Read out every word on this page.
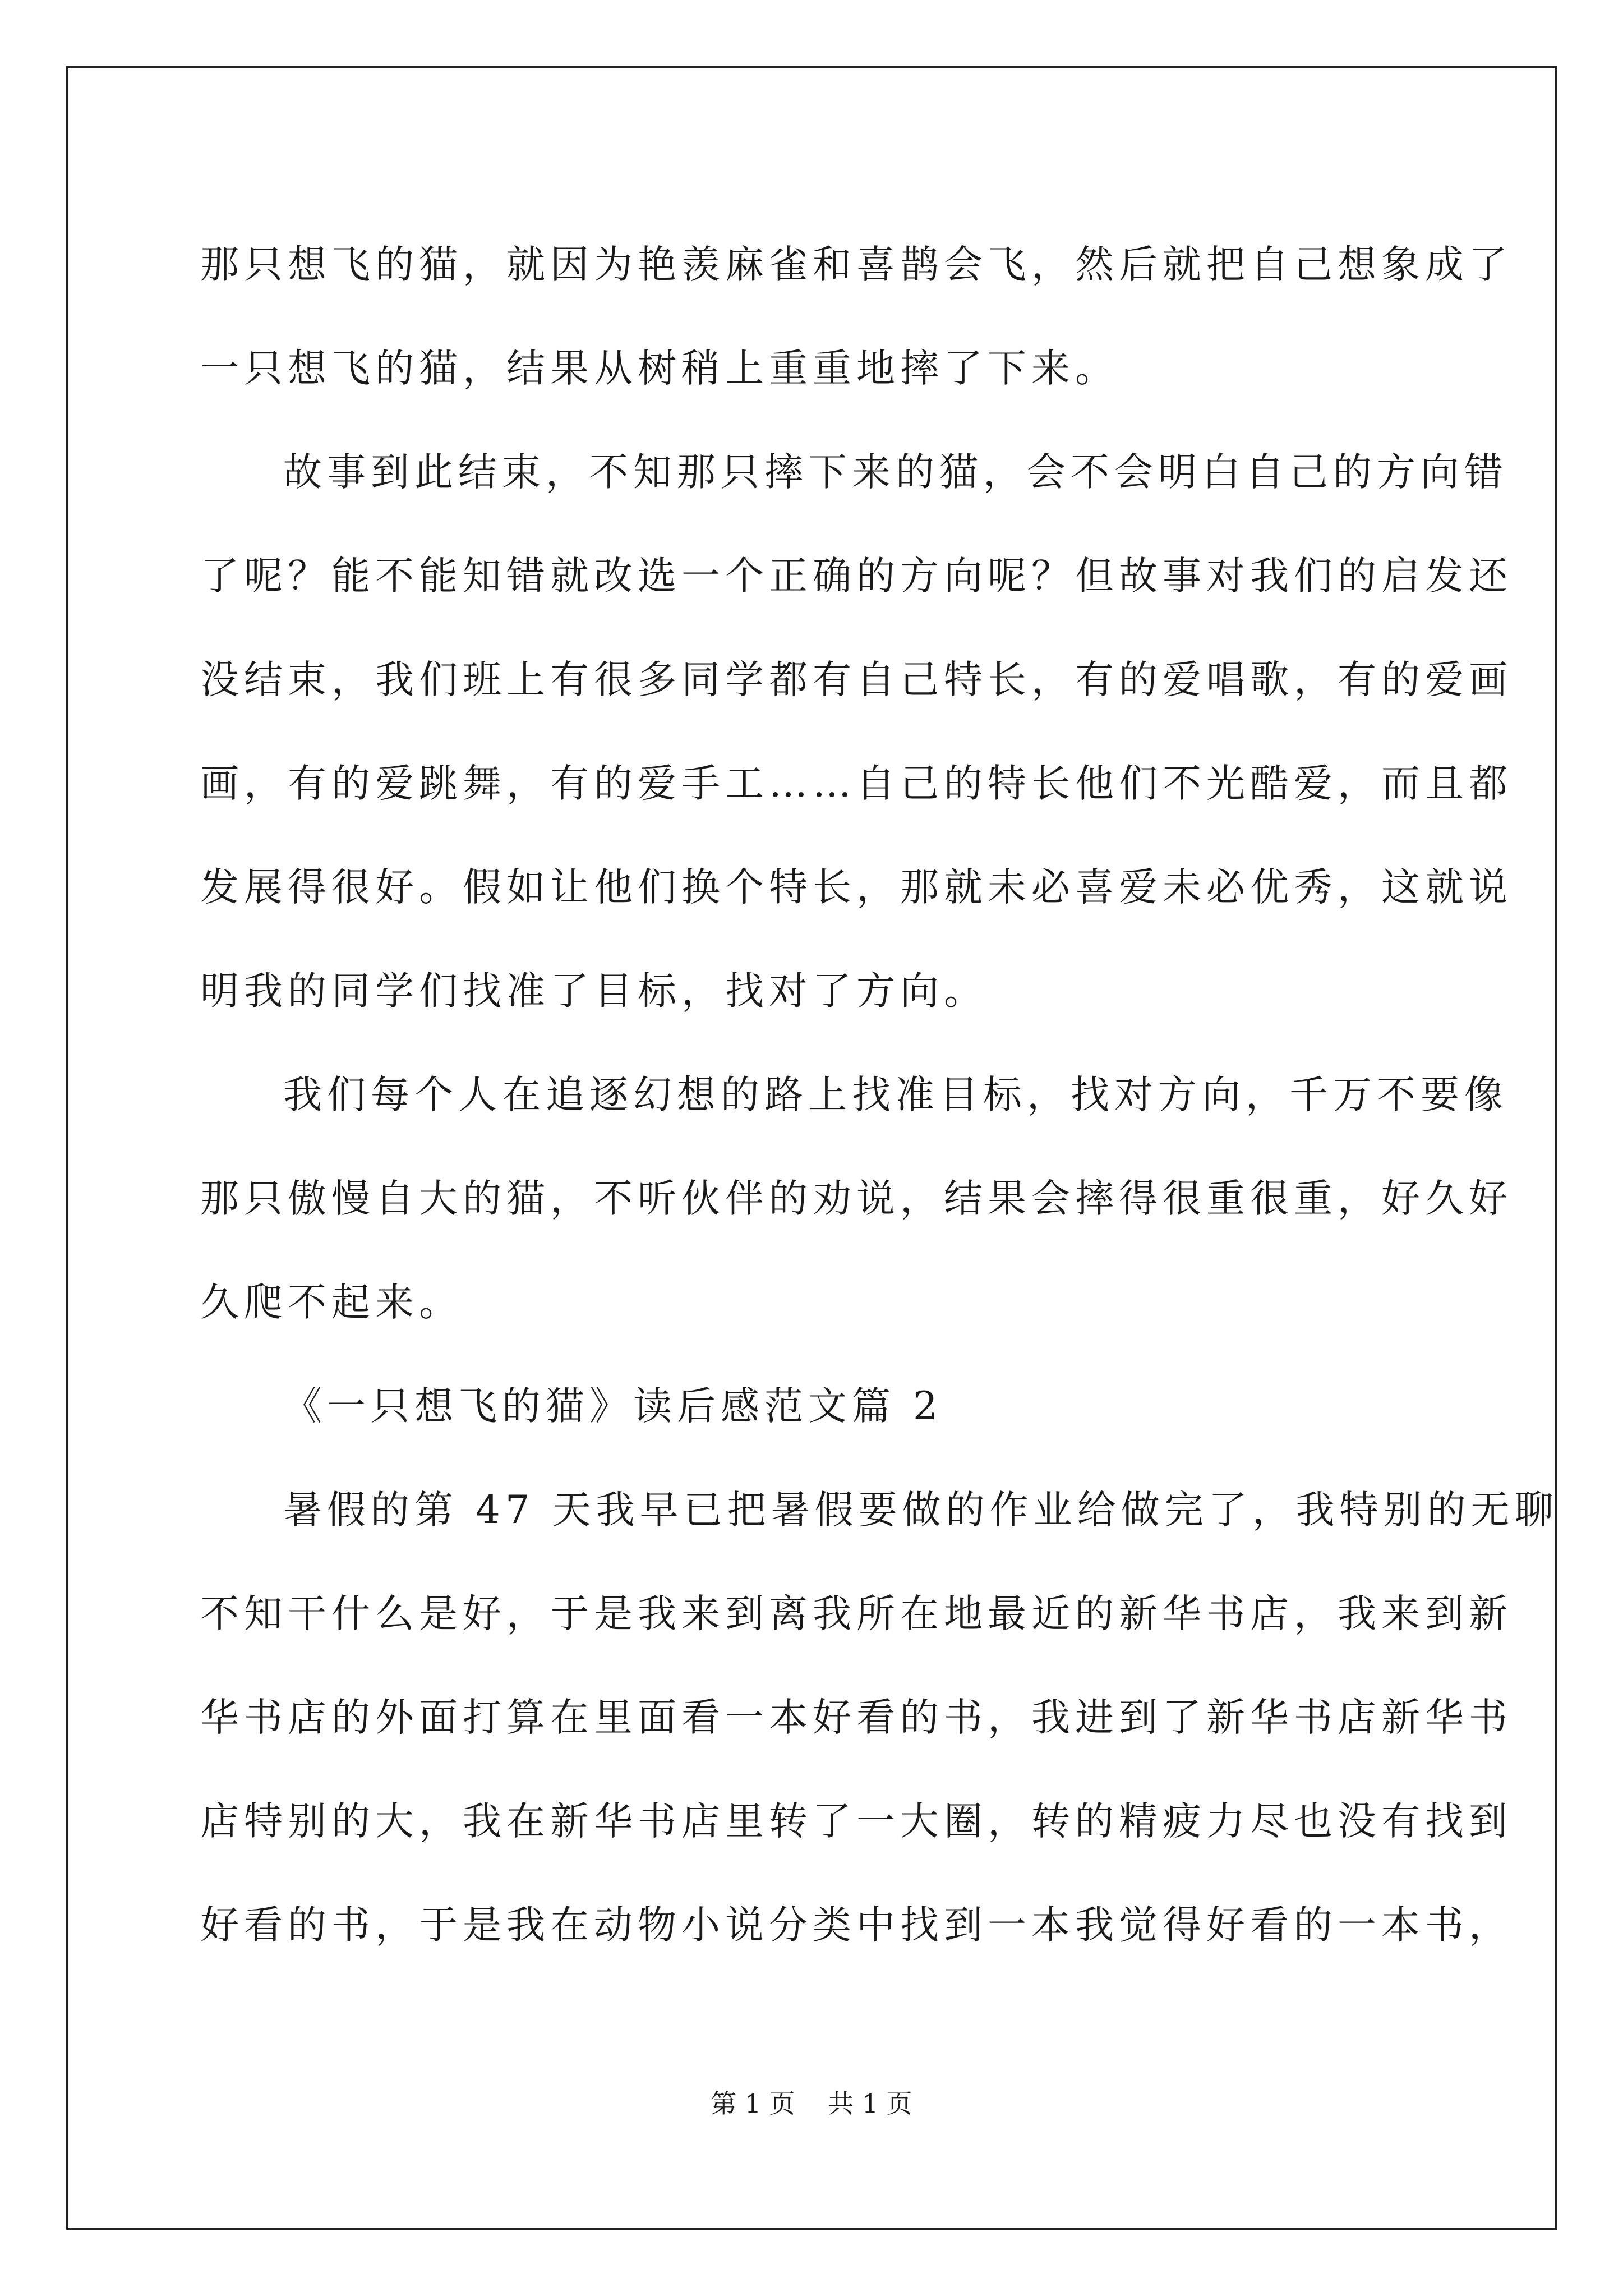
那只想飞的猫，就因为艳羡麻雀和喜鹊会飞，然后就把自己想象成了
一只想飞的猫，结果从树稍上重重地摔了下来。
故事到此结束，不知那只摔下来的猫，会不会明白自己的方向错
了呢？能不能知错就改选一个正确的方向呢？但故事对我们的启发还
没结束，我们班上有很多同学都有自己特长，有的爱唱歌，有的爱画
画，有的爱跳舞，有的爱手工……自己的特长他们不光酷爱，而且都
发展得很好。假如让他们换个特长，那就未必喜爱未必优秀，这就说
明我的同学们找准了目标，找对了方向。
我们每个人在追逐幻想的路上找准目标，找对方向，千万不要像
那只傲慢自大的猫，不听伙伴的劝说，结果会摔得很重很重，好久好
久爬不起来。
《一只想飞的猫》读后感范文篇 2
暑假的第 47 天我早已把暑假要做的作业给做完了，我特别的无聊
不知干什么是好，于是我来到离我所在地最近的新华书店，我来到新
华书店的外面打算在里面看一本好看的书，我进到了新华书店新华书
店特别的大，我在新华书店里转了一大圈，转的精疲力尽也没有找到
好看的书，于是我在动物小说分类中找到一本我觉得好看的一本书，
第 1 页    共 1 页
